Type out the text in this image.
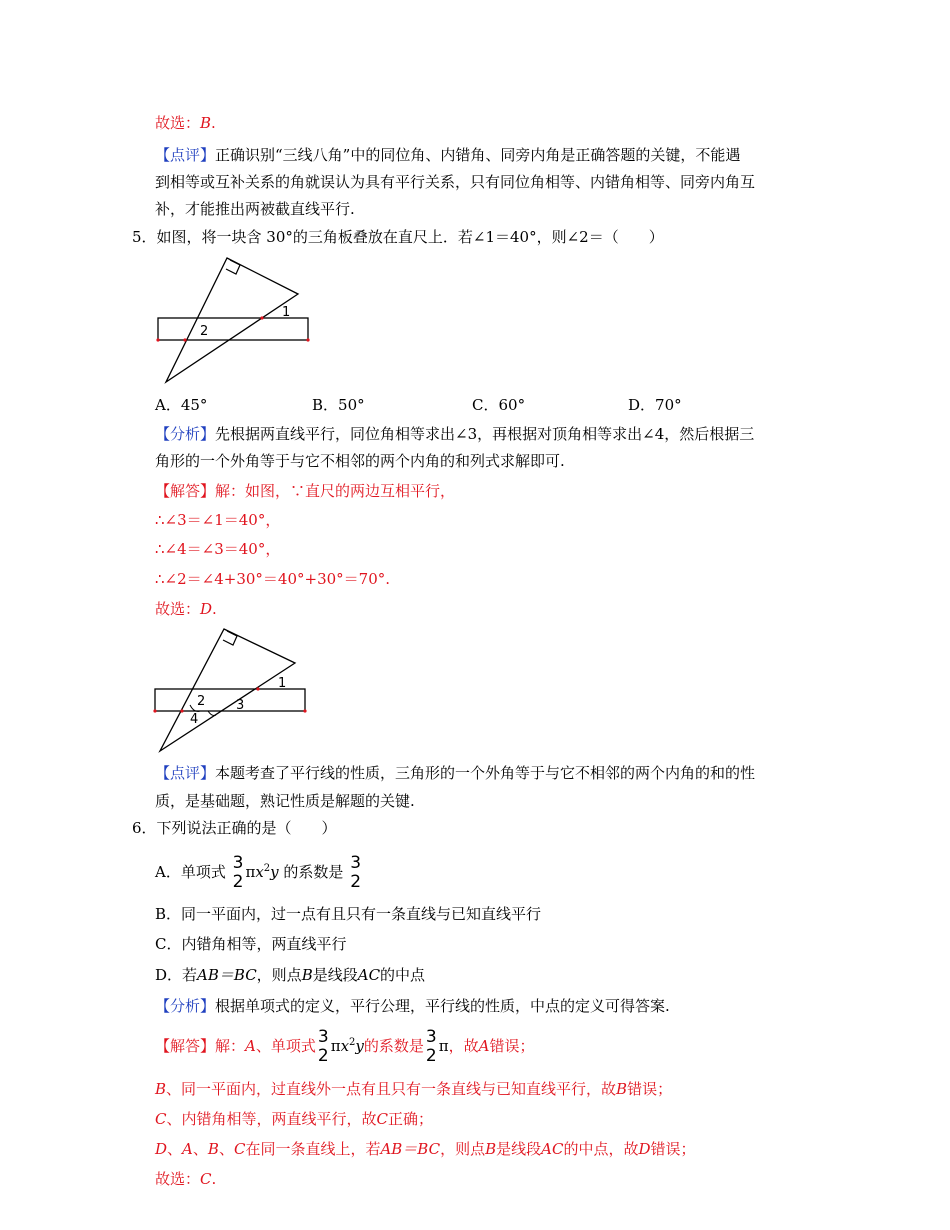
故选：B.
【点评】正确识别“三线八角”中的同位角、内错角、同旁内角是正确答题的关键，不能遇
到相等或互补关系的角就误认为具有平行关系，只有同位角相等、内错角相等、同旁内角互
补，才能推出两被截直线平行.
5．如图，将一块含 30°的三角板叠放在直尺上．若∠1＝40°，则∠2＝（　　）
2
1
A．45°	B．50°	C．60°	D．70°
【分析】先根据两直线平行，同位角相等求出∠3，再根据对顶角相等求出∠4，然后根据三
角形的一个外角等于与它不相邻的两个内角的和列式求解即可.
【解答】解：如图，∵直尺的两边互相平行，
∴∠3＝∠1＝40°，
∴∠4＝∠3＝40°，
∴∠2＝∠4+30°＝40°+30°＝70°.
故选：D.
2
1
4
3
【点评】本题考查了平行线的性质，三角形的一个外角等于与它不相邻的两个内角的和的性
质，是基础题，熟记性质是解题的关键.
6．下列说法正确的是（　　）
A．单项式 3
2 $\pi x^2y$ 的系数是 3
2
B．同一平面内，过一点有且只有一条直线与已知直线平行
C．内错角相等，两直线平行
D．若AB＝BC，则点B是线段AC的中点
【分析】根据单项式的定义，平行公理，平行线的性质，中点的定义可得答案.
【解答】解：A、单项式 3
2 $\pi x^2y$的系数是 3
2 π，故A错误；
B、同一平面内，过直线外一点有且只有一条直线与已知直线平行，故B错误；
C、内错角相等，两直线平行，故C正确；
D、A、B、C在同一条直线上，若AB＝BC，则点B是线段AC的中点，故D错误；
故选：C.
